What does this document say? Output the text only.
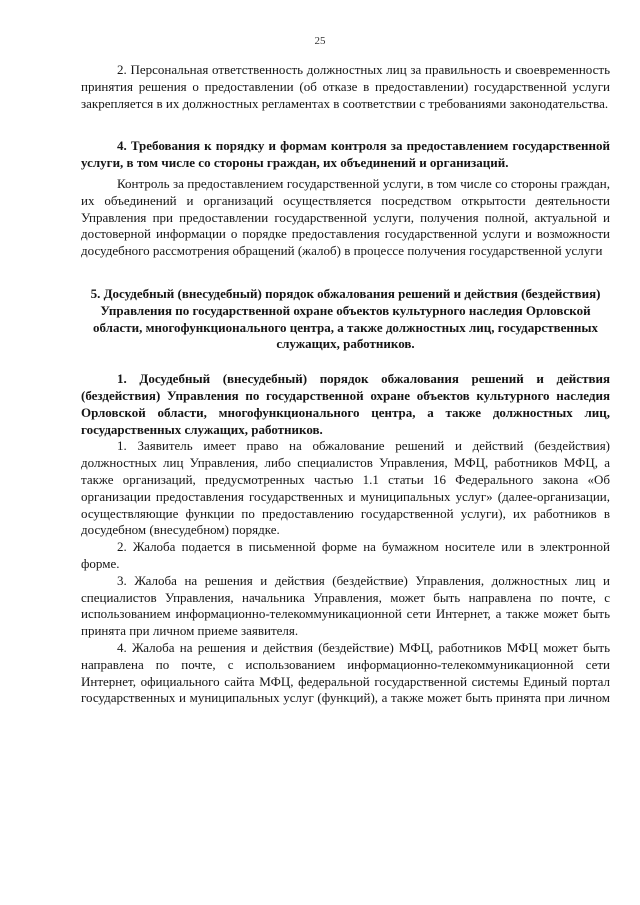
25

2. Персональная ответственность должностных лиц за правильность и своевременность принятия решения о предоставлении (об отказе в предоставлении) государственной услуги закрепляется в их должностных регламентах в соответствии с требованиями законодательства.

4. Требования к порядку и формам контроля за предоставлением государственной услуги, в том числе со стороны граждан, их объединений и организаций.

Контроль за предоставлением государственной услуги, в том числе со стороны граждан, их объединений и организаций осуществляется посредством открытости деятельности Управления при предоставлении государственной услуги, получения полной, актуальной и достоверной информации о порядке предоставления государственной услуги и возможности досудебного рассмотрения обращений (жалоб) в процессе получения государственной услуги

5. Досудебный (внесудебный) порядок обжалования решений и действия (бездействия) Управления по государственной охране объектов культурного наследия Орловской области, многофункционального центра, а также должностных лиц, государственных служащих, работников.

1. Досудебный (внесудебный) порядок обжалования решений и действия (бездействия) Управления по государственной охране объектов культурного наследия Орловской области, многофункционального центра, а также должностных лиц, государственных служащих, работников.

1. Заявитель имеет право на обжалование решений и действий (бездействия) должностных лиц Управления, либо специалистов Управления, МФЦ, работников МФЦ, а также организаций, предусмотренных частью 1.1 статьи 16 Федерального закона «Об организации предоставления государственных и муниципальных услуг» (далее-организации, осуществляющие функции по предоставлению государственной услуги), их работников в досудебном (внесудебном) порядке.

2. Жалоба подается в письменной форме на бумажном носителе или в электронной форме.

3. Жалоба на решения и действия (бездействие) Управления, должностных лиц и специалистов Управления, начальника Управления, может быть направлена по почте, с использованием информационно-телекоммуникационной сети Интернет, а также может быть принята при личном приеме заявителя.

4. Жалоба на решения и действия (бездействие) МФЦ, работников МФЦ может быть направлена по почте, с использованием информационно-телекоммуникационной сети Интернет, официального сайта МФЦ, федеральной государственной системы Единый портал государственных и муниципальных услуг (функций), а также может быть принята при личном
